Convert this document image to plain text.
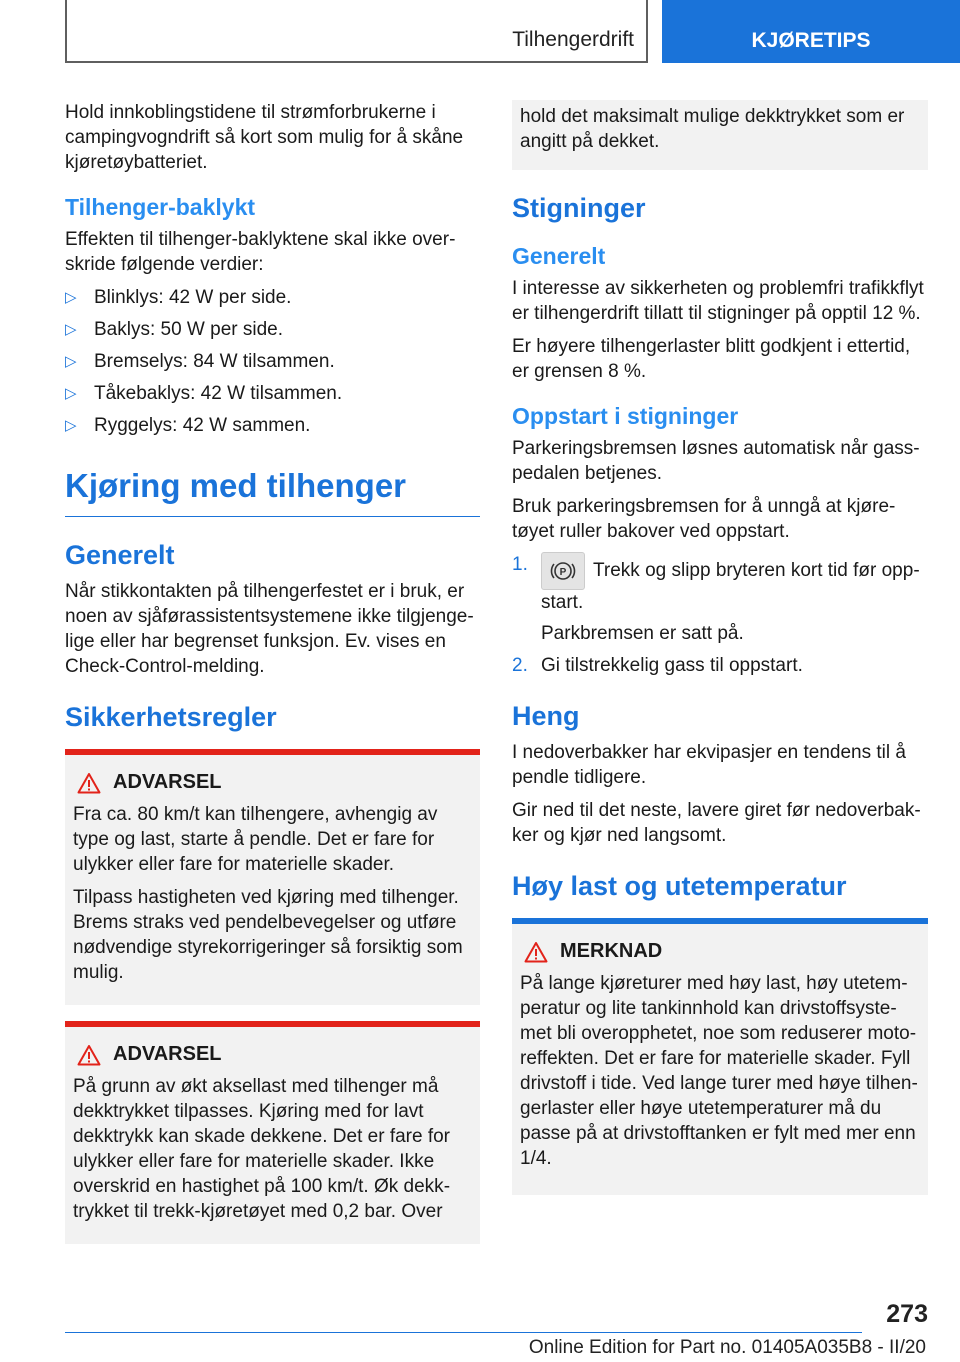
Tilhengerdrift	KJØRETIPS

Hold innkoblingstidene til strømforbrukerne i campingvogndrift så kort som mulig for å skåne kjøretøybatteriet.

Tilhenger-baklykt

Effekten til tilhenger-baklyktene skal ikke overskride følgende verdier:

▷ Blinklys: 42 W per side.
▷ Baklys: 50 W per side.
▷ Bremselys: 84 W tilsammen.
▷ Tåkebaklys: 42 W tilsammen.
▷ Ryggelys: 42 W sammen.
Kjøring med tilhenger
Generelt

Når stikkontakten på tilhengerfestet er i bruk, er noen av sjåførassistentsystemene ikke tilgjengelige eller har begrenset funksjon. Ev. vises en Check-Control-melding.

Sikkerhetsregler
ADVARSEL

Fra ca. 80 km/t kan tilhengere, avhengig av type og last, starte å pendle. Det er fare for ulykker eller fare for materielle skader.

Tilpass hastigheten ved kjøring med tilhenger. Brems straks ved pendelbevegelser og utføre nødvendige styrekorrigeringer så forsiktig som mulig.

ADVARSEL

På grunn av økt aksellast med tilhenger må dekktrykket tilpasses. Kjøring med for lavt dekktrykk kan skade dekkene. Det er fare for ulykker eller fare for materielle skader. Ikke overskrid en hastighet på 100 km/t. Øk dekktrykket til trekk-kjøretøyet med 0,2 bar. Over

hold det maksimalt mulige dekktrykket som er angitt på dekket.

Stigninger
Generelt

I interesse av sikkerheten og problemfri trafikkflyt er tilhengerdrift tillatt til stigninger på opptil 12 %.

Er høyere tilhengerlaster blitt godkjent i ettertid, er grensen 8 %.

Oppstart i stigninger

Parkeringsbremsen løsnes automatisk når gasspedalen betjenes.

Bruk parkeringsbremsen for å unngå at kjøretøyet ruller bakover ved oppstart.

1.	P Trekk og slipp bryteren kort tid før oppstart.
Parkbremsen er satt på.
2. Gi tilstrekkelig gass til oppstart.
Heng

I nedoverbakker har ekvipasjer en tendens til å pendle tidligere.

Gir ned til det neste, lavere giret før nedoverbakker og kjør ned langsomt.

Høy last og utetemperatur
MERKNAD

På lange kjøreturer med høy last, høy utetemperatur og lite tankinnhold kan drivstoffsystemet bli overopphetet, noe som reduserer motoreffekten. Det er fare for materielle skader. Fyll drivstoff i tide. Ved lange turer med høye tilhengerlaster eller høye utetemperaturer må du passe på at drivstofftanken er fylt med mer enn 1/4.

273
Online Edition for Part no. 01405A035B8 - II/20
